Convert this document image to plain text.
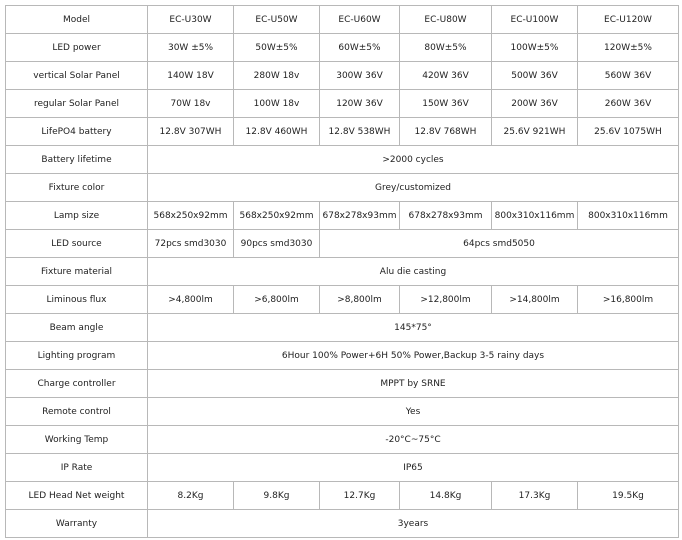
Model	EC-U30W	EC-U50W	EC-U60W	EC-U80W	EC-U100W	EC-U120W
LED power	30W ±5%	50W±5%	60W±5%	80W±5%	100W±5%	120W±5%
vertical Solar Panel	140W 18V	280W 18v	300W 36V	420W 36V	500W 36V	560W 36V
regular Solar Panel	70W 18v	100W 18v	120W 36V	150W 36V	200W 36V	260W 36V
LifePO4 battery	12.8V 307WH	12.8V 460WH	12.8V 538WH	12.8V 768WH	25.6V 921WH	25.6V 1075WH
Battery lifetime	>2000 cycles					
Fixture color	Grey/customized					
Lamp size	568x250x92mm	568x250x92mm	678x278x93mm	678x278x93mm	800x310x116mm	800x310x116mm
LED source	72pcs smd3030	90pcs smd3030	64pcs smd5050			
Fixture material	Alu die casting					
Liminous flux	>4,800lm	>6,800lm	>8,800lm	>12,800lm	>14,800lm	>16,800lm
Beam angle	145*75°					
Lighting program	6Hour 100% Power+6H 50% Power,Backup 3-5 rainy days					
Charge controller	MPPT by SRNE					
Remote control	Yes					
Working Temp	-20°C~75°C					
IP Rate	IP65					
LED Head Net weight	8.2Kg	9.8Kg	12.7Kg	14.8Kg	17.3Kg	19.5Kg
Warranty	3years					
